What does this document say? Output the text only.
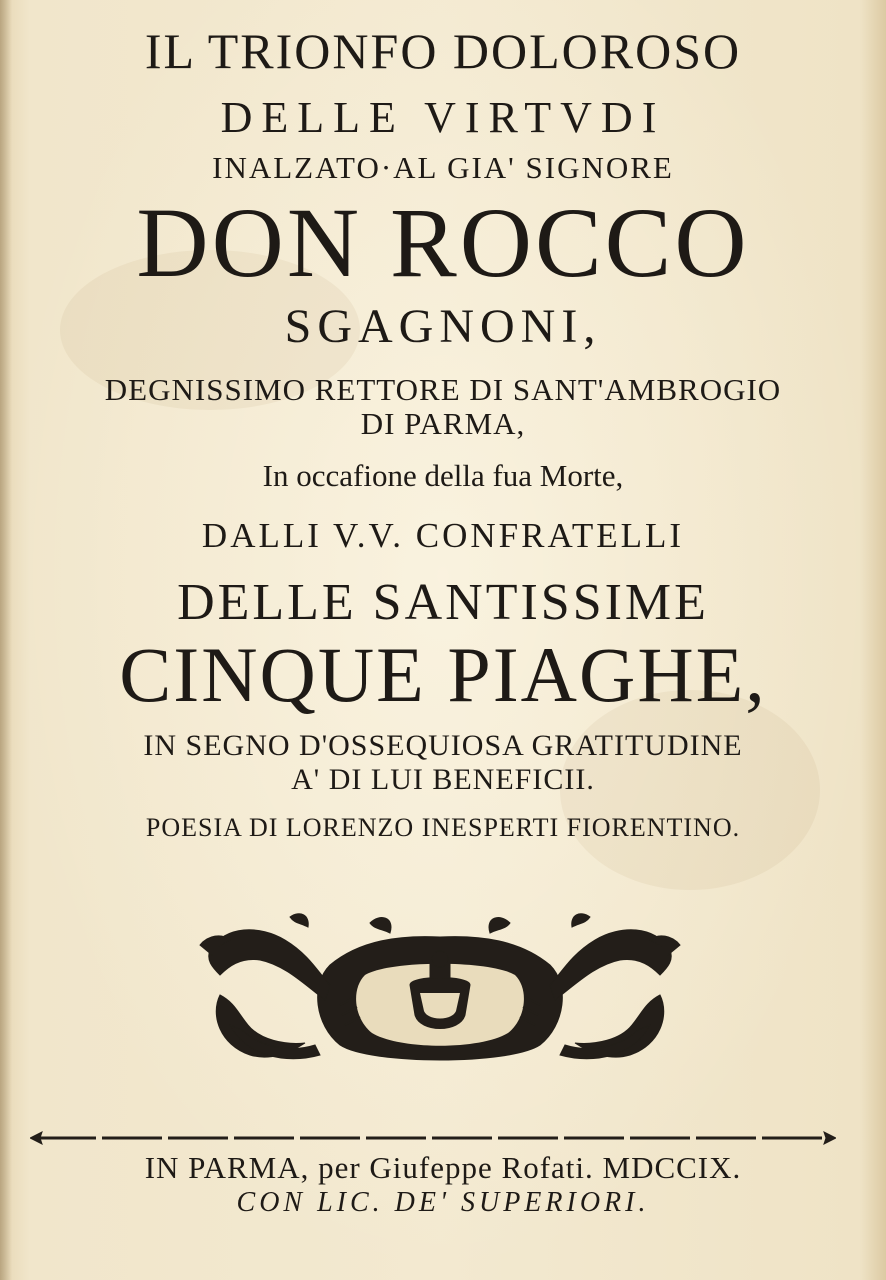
IL TRIONFO DOLOROSO

DELLE VIRTVDI

INALZATO·AL GIA' SIGNORE

DON ROCCO

SGAGNONI,

DEGNISSIMO RETTORE DI SANT'AMBROGIO

DI PARMA,

In occafione della fua Morte,

DALLI V.V. CONFRATELLI

DELLE SANTISSIME

CINQUE PIAGHE,

IN SEGNO D'OSSEQUIOSA GRATITUDINE

A' DI LUI BENEFICII.

POESIA DI LORENZO INESPERTI FIORENTINO.

IN PARMA, per Giufeppe Rofati. MDCCIX.

CON LIC. DE' SUPERIORI.
